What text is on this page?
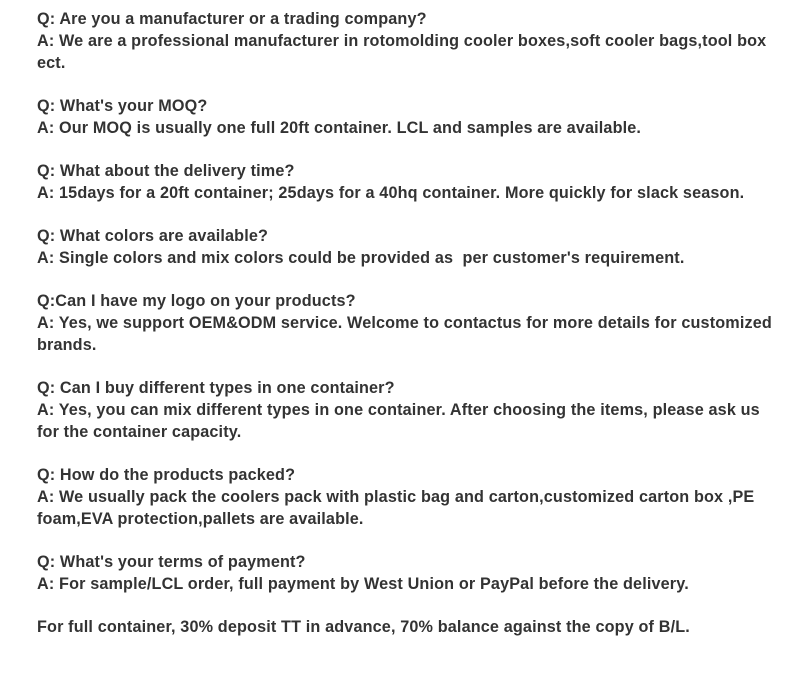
Q: Are you a manufacturer or a trading company?

A: We are a professional manufacturer in rotomolding cooler boxes,soft cooler bags,tool box ect.

Q: What's your MOQ?

A: Our MOQ is usually one full 20ft container. LCL and samples are available.

Q: What about the delivery time?

A: 15days for a 20ft container; 25days for a 40hq container. More quickly for slack season.

Q: What colors are available?

A: Single colors and mix colors could be provided as  per customer's requirement.

Q:Can I have my logo on your products?

A: Yes, we support OEM&ODM service. Welcome to contactus for more details for customized brands.

Q: Can I buy different types in one container?

A: Yes, you can mix different types in one container. After choosing the items, please ask us for the container capacity.

Q: How do the products packed?

A: We usually pack the coolers pack with plastic bag and carton,customized carton box ,PE foam,EVA protection,pallets are available.

Q: What's your terms of payment?

A: For sample/LCL order, full payment by West Union or PayPal before the delivery.

For full container, 30% deposit TT in advance, 70% balance against the copy of B/L.
